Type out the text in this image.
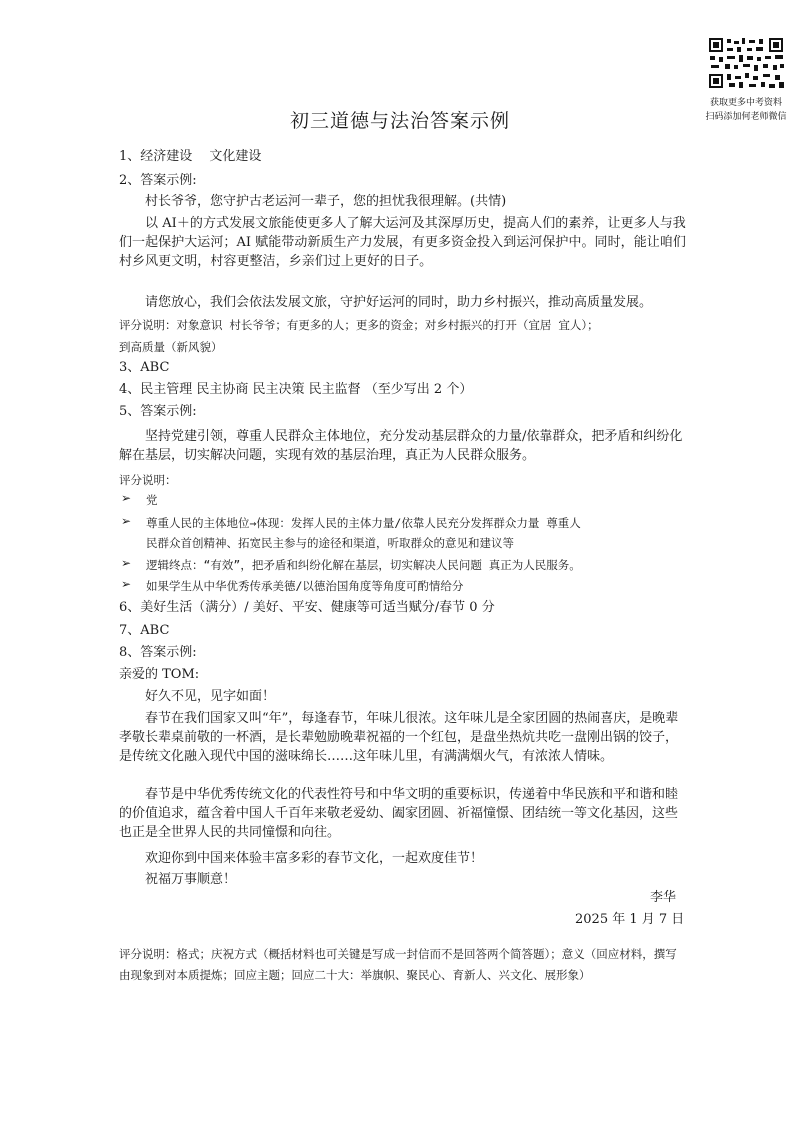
获取更多中考资料
扫码添加何老师微信
初三道德与法治答案示例
1、经济建设　 文化建设
2、答案示例:
村长爷爷，您守护古老运河一辈子，您的担忧我很理解。(共情)
以 AI＋的方式发展文旅能使更多人了解大运河及其深厚历史，提高人们的素养，让更多人与我们一起保护大运河；AI 赋能带动新质生产力发展，有更多资金投入到运河保护中。同时，能让咱们村乡风更文明，村容更整洁，乡亲们过上更好的日子。
请您放心，我们会依法发展文旅，守护好运河的同时，助力乡村振兴，推动高质量发展。
评分说明：对象意识 村长爷爷；有更多的人；更多的资金；对乡村振兴的打开（宜居 宜人）；
到高质量（新风貌）
3、ABC
4、民主管理 民主协商 民主决策 民主监督 （至少写出 2 个）
5、答案示例:
坚持党建引领，尊重人民群众主体地位，充分发动基层群众的力量/依靠群众，把矛盾和纠纷化解在基层，切实解决问题，实现有效的基层治理，真正为人民群众服务。
评分说明：
➢ 党
➢ 尊重人民的主体地位→体现：发挥人民的主体力量/依靠人民充分发挥群众力量 尊重人
民群众首创精神、拓宽民主参与的途径和渠道，听取群众的意见和建议等
➢ 逻辑终点：“有效”，把矛盾和纠纷化解在基层，切实解决人民问题 真正为人民服务。
➢ 如果学生从中华优秀传承美德/以德治国角度等角度可酌情给分
6、美好生活（满分）/ 美好、平安、健康等可适当赋分/春节 0 分
7、ABC
8、答案示例:
亲爱的 TOM:
好久不见，见字如面！
春节在我们国家又叫“年”，每逢春节，年味儿很浓。这年味儿是全家团圆的热闹喜庆，是晚辈孝敬长辈桌前敬的一杯酒，是长辈勉励晚辈祝福的一个红包，是盘坐热炕共吃一盘刚出锅的饺子，是传统文化融入现代中国的滋味绵长……这年味儿里，有满满烟火气，有浓浓人情味。
春节是中华优秀传统文化的代表性符号和中华文明的重要标识，传递着中华民族和平和谐和睦的价值追求，蕴含着中国人千百年来敬老爱幼、阖家团圆、祈福憧憬、团结统一等文化基因，这些也正是全世界人民的共同憧憬和向往。
欢迎你到中国来体验丰富多彩的春节文化，一起欢度佳节！
祝福万事顺意！
李华
2025 年 1 月 7 日
评分说明：格式；庆祝方式（概括材料也可关键是写成一封信而不是回答两个简答题）；意义（回应材料，撰写由现象到对本质提炼；回应主题；回应二十大：举旗帜、聚民心、育新人、兴文化、展形象）
